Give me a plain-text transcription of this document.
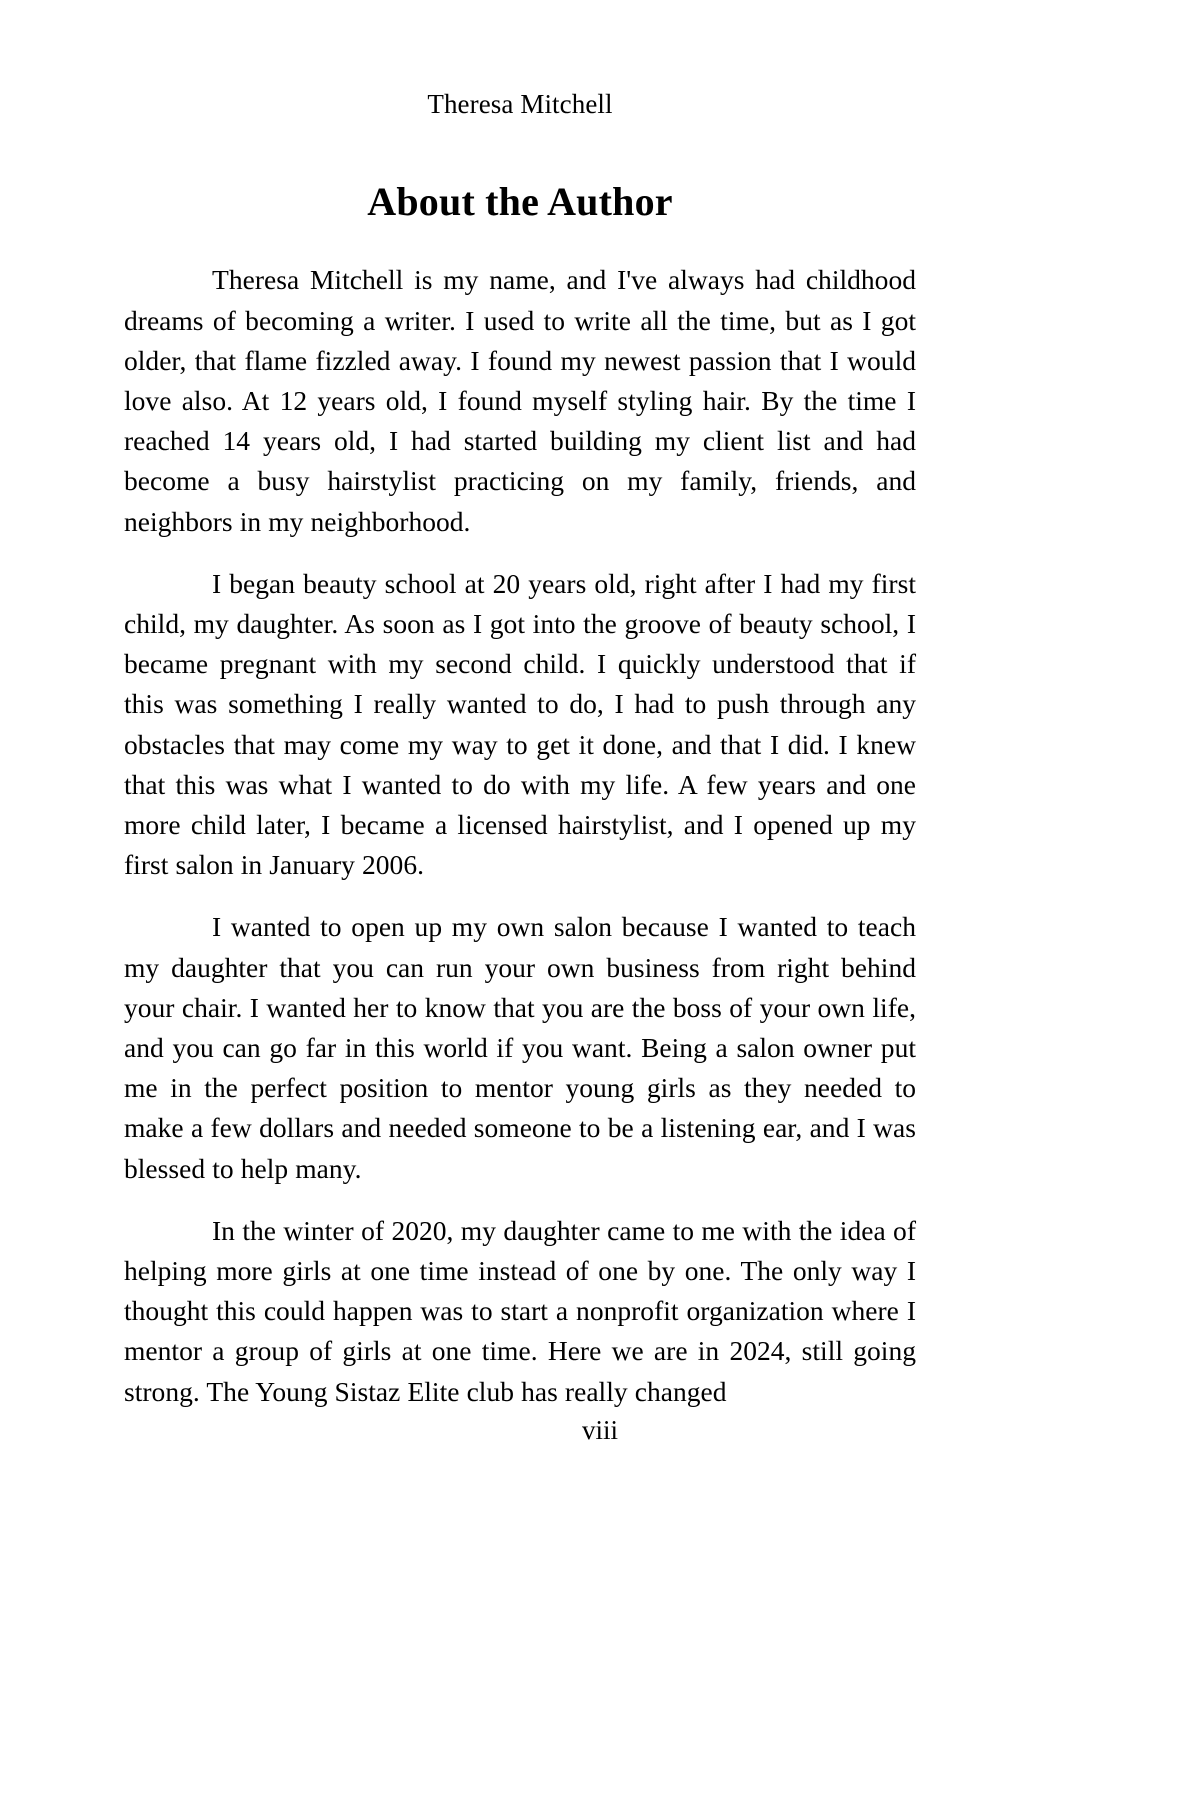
Theresa Mitchell
About the Author

Theresa Mitchell is my name, and I've always had childhood dreams of becoming a writer. I used to write all the time, but as I got older, that flame fizzled away. I found my newest passion that I would love also. At 12 years old, I found myself styling hair. By the time I reached 14 years old, I had started building my client list and had become a busy hairstylist practicing on my family, friends, and neighbors in my neighborhood.

I began beauty school at 20 years old, right after I had my first child, my daughter. As soon as I got into the groove of beauty school, I became pregnant with my second child. I quickly understood that if this was something I really wanted to do, I had to push through any obstacles that may come my way to get it done, and that I did. I knew that this was what I wanted to do with my life. A few years and one more child later, I became a licensed hairstylist, and I opened up my first salon in January 2006.

I wanted to open up my own salon because I wanted to teach my daughter that you can run your own business from right behind your chair. I wanted her to know that you are the boss of your own life, and you can go far in this world if you want. Being a salon owner put me in the perfect position to mentor young girls as they needed to make a few dollars and needed someone to be a listening ear, and I was blessed to help many.

In the winter of 2020, my daughter came to me with the idea of helping more girls at one time instead of one by one. The only way I thought this could happen was to start a nonprofit organization where I mentor a group of girls at one time. Here we are in 2024, still going strong. The Young Sistaz Elite club has really changed

viii
